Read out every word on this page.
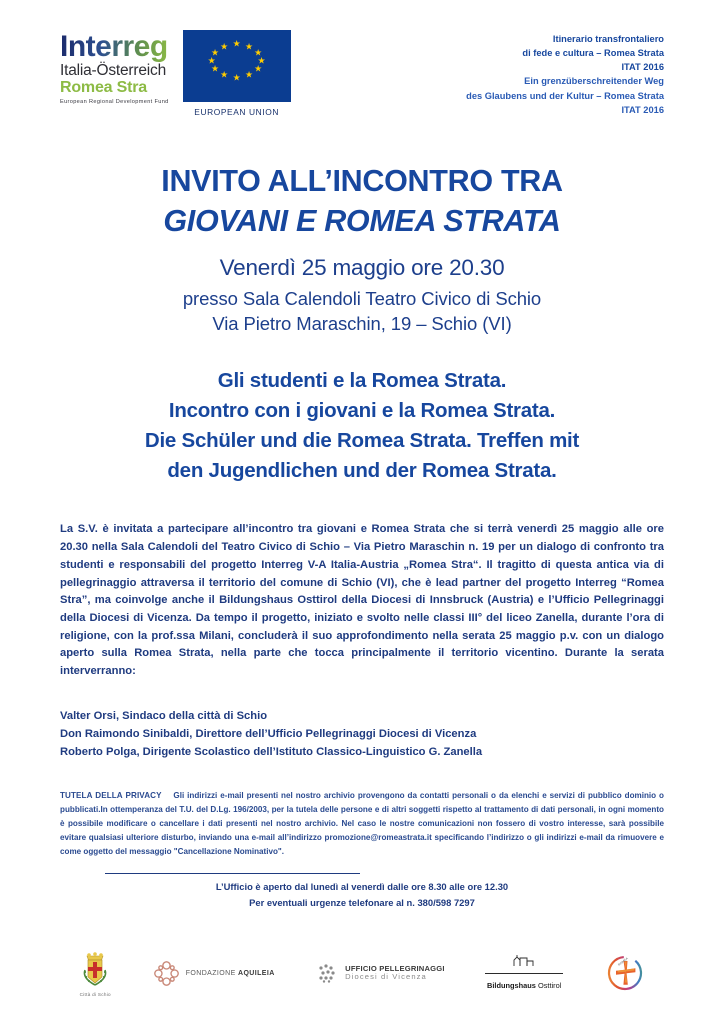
Interreg
Italia-Österreich
Romea Stra
European Regional Development Fund
★ ★
★
★
★
★
★
★
★
★
★
★
EUROPEAN UNION
Itinerario transfrontaliero
di fede e cultura – Romea Strata
ITAT 2016
Ein grenzüberschreitender Weg
des Glaubens und der Kultur – Romea Strata
ITAT 2016
INVITO ALL’INCONTRO TRA
GIOVANI E ROMEA STRATA
Venerdì 25 maggio ore 20.30
presso Sala Calendoli Teatro Civico di Schio
Via Pietro Maraschin, 19 – Schio (VI)
Gli studenti e la Romea Strata.
Incontro con i giovani e la Romea Strata.
Die Schüler und die Romea Strata. Treffen mit
den Jugendlichen und der Romea Strata.

La S.V. è invitata a partecipare all’incontro tra giovani e Romea Strata che si terrà venerdì 25 maggio alle ore 20.30 nella Sala Calendoli del Teatro Civico di Schio – Via Pietro Maraschin n. 19 per un dialogo di confronto tra studenti e responsabili del progetto Interreg V-A Italia-Austria „Romea Stra“. Il tragitto di questa antica via di pellegrinaggio attraversa il territorio del comune di Schio (VI), che è lead partner del progetto Interreg “Romea Stra”, ma coinvolge anche il Bildungshaus Osttirol della Diocesi di Innsbruck (Austria) e l’Ufficio Pellegrinaggi della Diocesi di Vicenza. Da tempo il progetto, iniziato e svolto nelle classi III° del liceo Zanella, durante l’ora di religione, con la prof.ssa Milani, concluderà il suo approfondimento nella serata 25 maggio p.v. con un dialogo aperto sulla Romea Strata, nella parte che tocca principalmente il territorio vicentino. Durante la serata interverranno:

Valter Orsi, Sindaco della città di Schio
Don Raimondo Sinibaldi, Direttore dell’Ufficio Pellegrinaggi Diocesi di Vicenza
Roberto Polga, Dirigente Scolastico dell’Istituto Classico-Linguistico G. Zanella

TUTELA DELLA PRIVACY Gli indirizzi e-mail presenti nel nostro archivio provengono da contatti personali o da elenchi e servizi di pubblico dominio o pubblicati.In ottemperanza del T.U. del D.Lg. 196/2003, per la tutela delle persone e di altri soggetti rispetto al trattamento di dati personali, in ogni momento è possibile modificare o cancellare i dati presenti nel nostro archivio. Nel caso le nostre comunicazioni non fossero di vostro interesse, sarà possibile evitare qualsiasi ulteriore disturbo, inviando una e-mail all’indirizzo promozione@romeastrata.it specificando l’indirizzo o gli indirizzi e-mail da rimuovere e come oggetto del messaggio "Cancellazione Nominativo".

L’Ufficio è aperto dal lunedì al venerdì dalle ore 8.30 alle ore 12.30
Per eventuali urgenze telefonare al n. 380/598 7297
Città di Schio
FONDAZIONE AQUILEIA
UFFICIO PELLEGRINAGGI
Diocesi di Vicenza
Bildungshaus Osttirol
ROMEA
